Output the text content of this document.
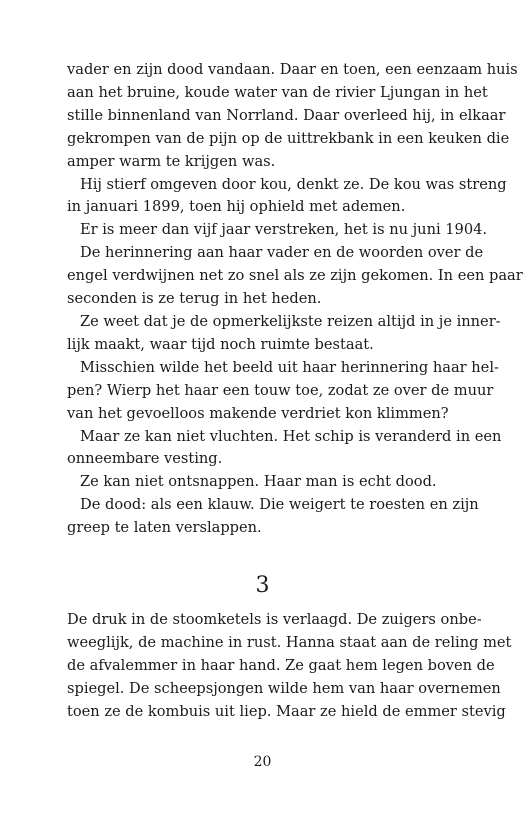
vader en zijn dood vandaan. Daar en toen, een eenzaam huis
aan het bruine, koude water van de rivier Ljungan in het
stille binnenland van Norrland. Daar overleed hij, in elkaar
gekrompen van de pijn op de uittrekbank in een keuken die
amper warm te krijgen was.
Hij stierf omgeven door kou, denkt ze. De kou was streng
in januari 1899, toen hij ophield met ademen.
Er is meer dan vijf jaar verstreken, het is nu juni 1904.
De herinnering aan haar vader en de woorden over de
engel verdwijnen net zo snel als ze zijn gekomen. In een paar
seconden is ze terug in het heden.
Ze weet dat je de opmerkelijkste reizen altijd in je inner-
lijk maakt, waar tijd noch ruimte bestaat.
Misschien wilde het beeld uit haar herinnering haar hel-
pen? Wierp het haar een touw toe, zodat ze over de muur
van het gevoelloos makende verdriet kon klimmen?
Maar ze kan niet vluchten. Het schip is veranderd in een
onneembare vesting.
Ze kan niet ontsnappen. Haar man is echt dood.
De dood: als een klauw. Die weigert te roesten en zijn
greep te laten verslappen.
3
De druk in de stoomketels is verlaagd. De zuigers onbe-
weeglijk, de machine in rust. Hanna staat aan de reling met
de afvalemmer in haar hand. Ze gaat hem legen boven de
spiegel. De scheepsjongen wilde hem van haar overnemen
toen ze de kombuis uit liep. Maar ze hield de emmer stevig
20
